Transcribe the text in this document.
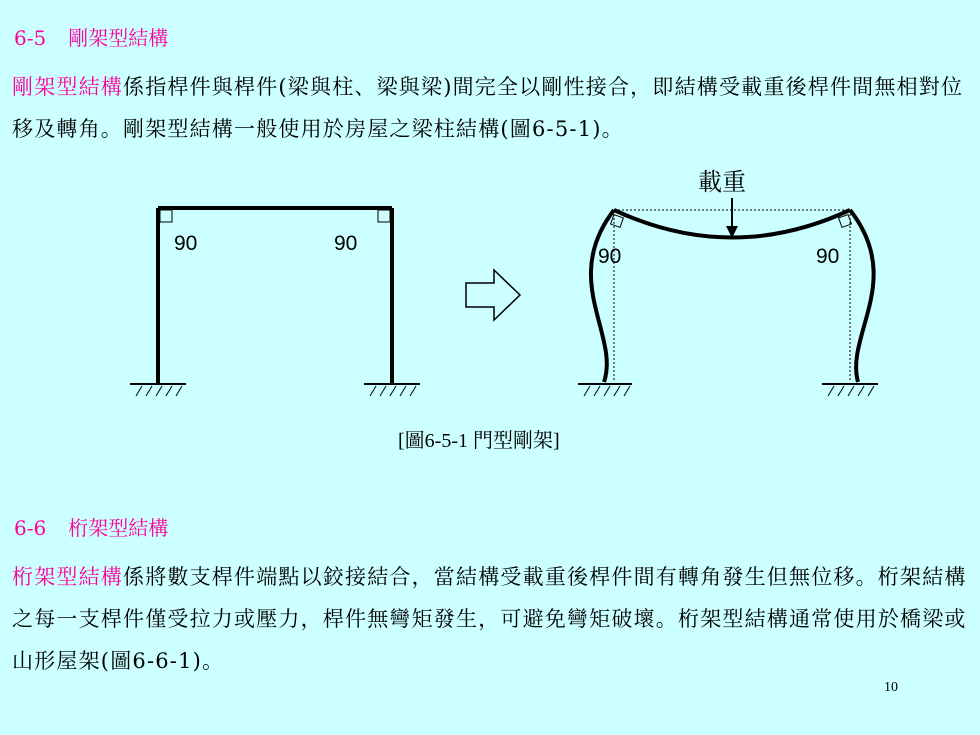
6-5 剛架型結構
剛架型結構係指桿件與桿件(梁與柱、梁與梁)間完全以剛性接合，即結構受載重後桿件間無相對位移及轉角。剛架型結構一般使用於房屋之梁柱結構(圖6-5-1)。
90	90
90	90
載重
[圖6-5-1 門型剛架]
6-6 桁架型結構
桁架型結構係將數支桿件端點以鉸接結合，當結構受載重後桿件間有轉角發生但無位移。桁架結構之每一支桿件僅受拉力或壓力，桿件無彎矩發生，可避免彎矩破壞。桁架型結構通常使用於橋梁或山形屋架(圖6-6-1)。
10
